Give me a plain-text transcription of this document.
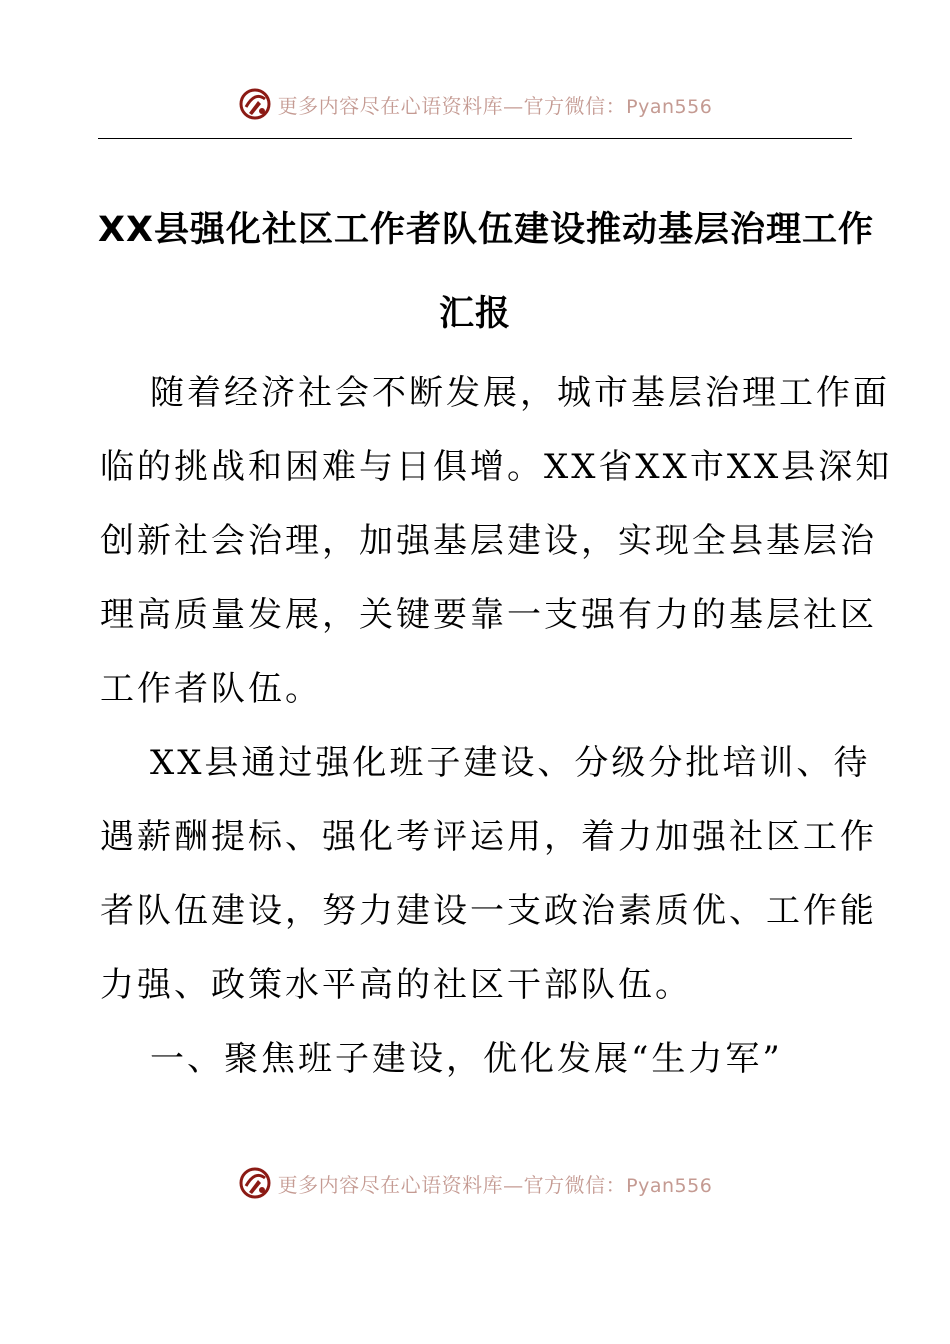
更多内容尽在心语资料库—官方微信：Pyan556
XX县强化社区工作者队伍建设推动基层治理工作
汇报
随着经济社会不断发展，城市基层治理工作面
临的挑战和困难与日俱增。XX省XX市XX县深知
创新社会治理，加强基层建设，实现全县基层治
理高质量发展，关键要靠一支强有力的基层社区
工作者队伍。
XX县通过强化班子建设、分级分批培训、待
遇薪酬提标、强化考评运用，着力加强社区工作
者队伍建设，努力建设一支政治素质优、工作能
力强、政策水平高的社区干部队伍。
一、聚焦班子建设，优化发展“生力军”
更多内容尽在心语资料库—官方微信：Pyan556
